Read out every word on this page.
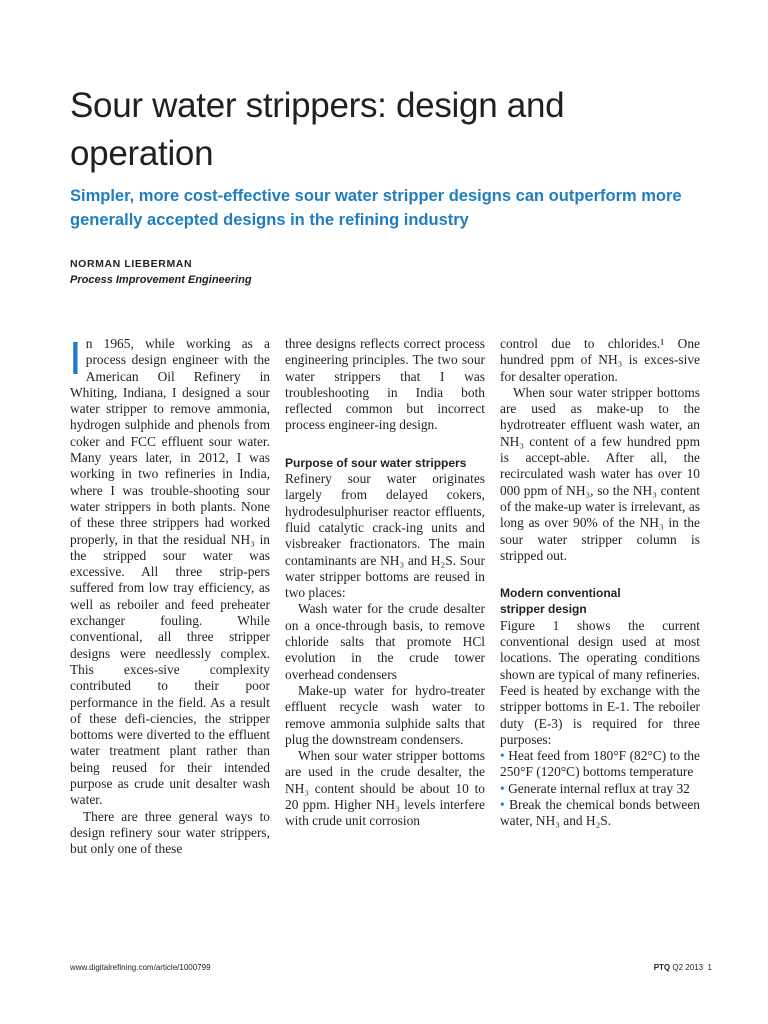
Sour water strippers: design and operation
Simpler, more cost-effective sour water stripper designs can outperform more generally accepted designs in the refining industry
NORMAN LIEBERMAN
Process Improvement Engineering

In 1965, while working as a process design engineer with the American Oil Refinery in Whiting, Indiana, I designed a sour water stripper to remove ammonia, hydrogen sulphide and phenols from coker and FCC effluent sour water. Many years later, in 2012, I was working in two refineries in India, where I was trouble-shooting sour water strippers in both plants. None of these three strippers had worked properly, in that the residual NH₃ in the stripped sour water was excessive. All three strip-pers suffered from low tray efficiency, as well as reboiler and feed preheater exchanger fouling. While conventional, all three stripper designs were needlessly complex. This exces-sive complexity contributed to their poor performance in the field. As a result of these defi-ciencies, the stripper bottoms were diverted to the effluent water treatment plant rather than being reused for their intended purpose as crude unit desalter wash water.

There are three general ways to design refinery sour water strippers, but only one of these

three designs reflects correct process engineering principles. The two sour water strippers that I was troubleshooting in India both reflected common but incorrect process engineer-ing design.

Purpose of sour water strippers

Refinery sour water originates largely from delayed cokers, hydrodesulphuriser reactor effluents, fluid catalytic crack-ing units and visbreaker fractionators. The main contaminants are NH₃ and H₂S. Sour water stripper bottoms are reused in two places:

Wash water for the crude desalter on a once-through basis, to remove chloride salts that promote HCl evolution in the crude tower overhead condensers

Make-up water for hydro-treater effluent recycle wash water to remove ammonia sulphide salts that plug the downstream condensers.

When sour water stripper bottoms are used in the crude desalter, the NH₃ content should be about 10 to 20 ppm. Higher NH₃ levels interfere with crude unit corrosion

control due to chlorides.¹ One hundred ppm of NH₃ is exces-sive for desalter operation.

When sour water stripper bottoms are used as make-up to the hydrotreater effluent wash water, an NH₃ content of a few hundred ppm is accept-able. After all, the recirculated wash water has over 10 000 ppm of NH₃, so the NH₃ content of the make-up water is irrelevant, as long as over 90% of the NH₃ in the sour water stripper column is stripped out.

Modern conventional
stripper design

Figure 1 shows the current conventional design used at most locations. The operating conditions shown are typical of many refineries. Feed is heated by exchange with the stripper bottoms in E-1. The reboiler duty (E-3) is required for three purposes:

• Heat feed from 180°F (82°C) to the 250°F (120°C) bottoms temperature

• Generate internal reflux at tray 32

• Break the chemical bonds between water, NH₃ and H₂S.

www.digitalrefining.com/article/1000799	PTQ Q2 2013 1
